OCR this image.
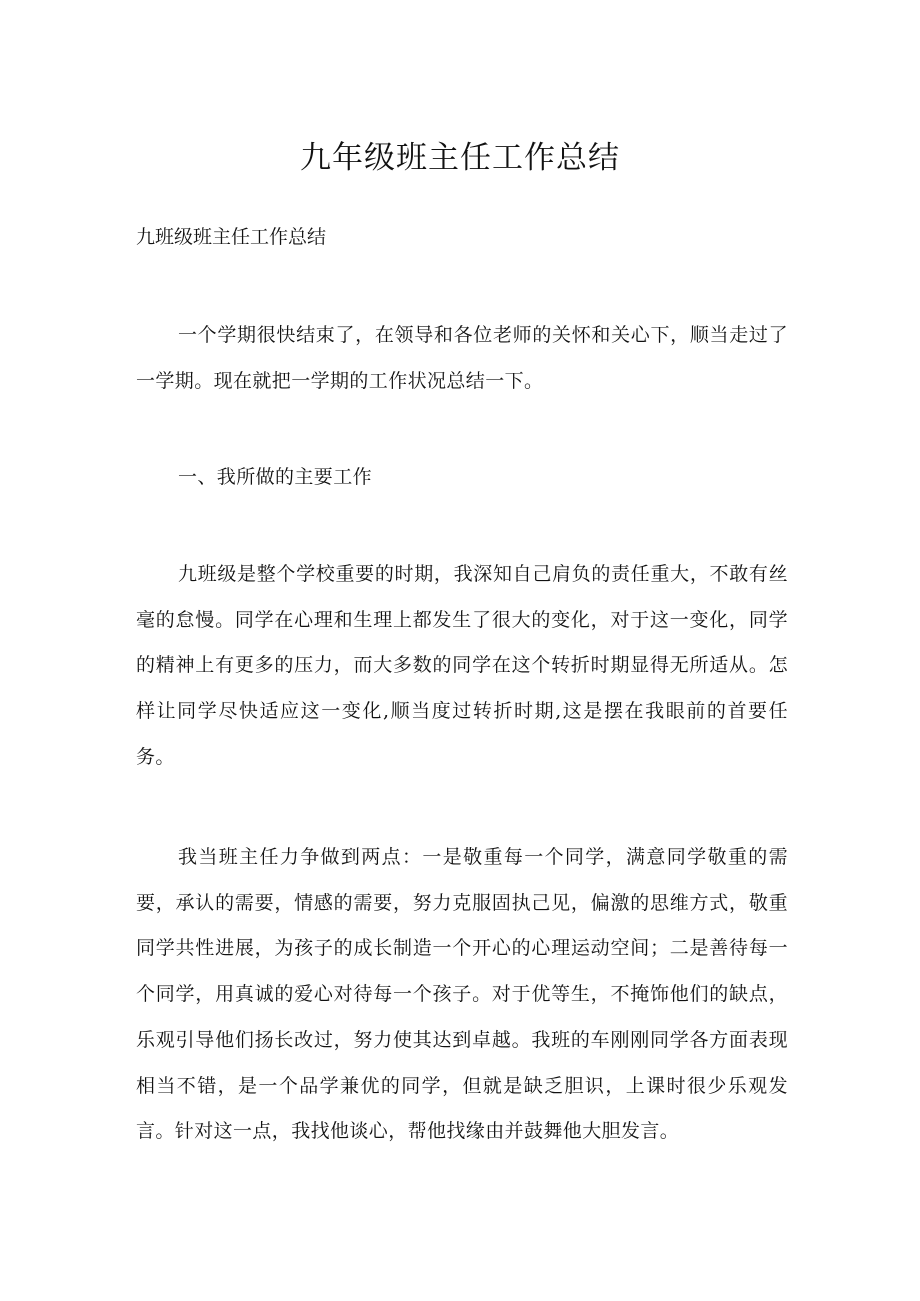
九年级班主任工作总结

九班级班主任工作总结

一个学期很快结束了，在领导和各位老师的关怀和关心下，顺当走过了一学期。现在就把一学期的工作状况总结一下。

一、我所做的主要工作

九班级是整个学校重要的时期，我深知自己肩负的责任重大，不敢有丝毫的怠慢。同学在心理和生理上都发生了很大的变化，对于这一变化，同学的精神上有更多的压力，而大多数的同学在这个转折时期显得无所适从。怎样让同学尽快适应这一变化,顺当度过转折时期,这是摆在我眼前的首要任务。

我当班主任力争做到两点：一是敬重每一个同学，满意同学敬重的需要，承认的需要，情感的需要，努力克服固执己见，偏激的思维方式，敬重同学共性进展，为孩子的成长制造一个开心的心理运动空间；二是善待每一个同学，用真诚的爱心对待每一个孩子。对于优等生，不掩饰他们的缺点，乐观引导他们扬长改过，努力使其达到卓越。我班的车刚刚同学各方面表现相当不错，是一个品学兼优的同学，但就是缺乏胆识，上课时很少乐观发言。针对这一点，我找他谈心，帮他找缘由并鼓舞他大胆发言。
